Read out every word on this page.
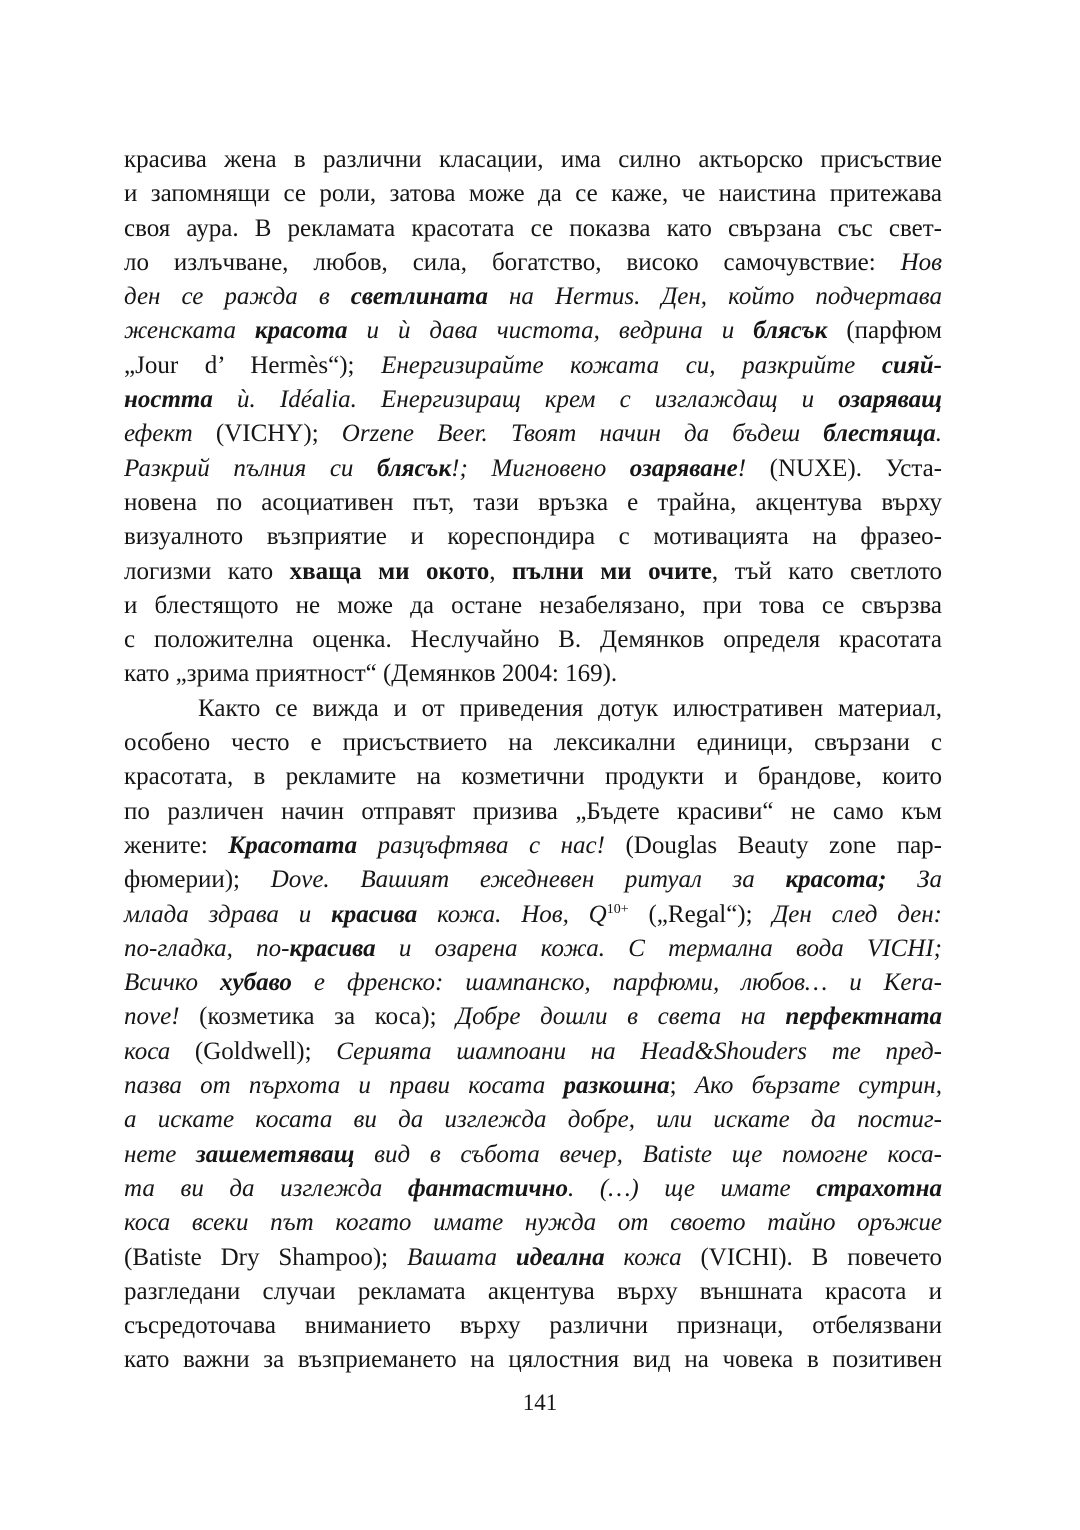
красива жена в различни класации, има силно актьорско присъствие
и запомнящи се роли, затова може да се каже, че наистина притежава
своя аура. В рекламата красотата се показва като свързана със свет-
ло излъчване, любов, сила, богатство, високо самочувствие: Нов
ден се ражда в светлината на Hermus. Ден, който подчертава
женската красота и ѝ дава чистота, ведрина и блясък (парфюм
„Jour d’ Hermès“); Енергизирайте кожата си, разкрийте сияй-
ността ѝ. Idéalia. Енергизиращ крем с изглаждащ и озаряващ
ефект (VICHY); Orzene Beer. Твоят начин да бъдеш блестяща.
Разкрий пълния си блясък!; Мигновено озаряване! (NUXE). Уста-
новена по асоциативен път, тази връзка е трайна, акцентува върху
визуалното възприятие и кореспондира с мотивацията на фразео-
логизми като хваща ми окото, пълни ми очите, тъй като светлото
и блестящото не може да остане незабелязано, при това се свързва
с положителна оценка. Неслучайно В. Демянков определя красотата
като „зрима приятност“ (Демянков 2004: 169).
Както се вижда и от приведения дотук илюстративен материал,
особено често е присъствието на лексикални единици, свързани с
красотата, в рекламите на козметични продукти и брандове, които
по различен начин отправят призива „Бъдете красиви“ не само към
жените: Красотата разцъфтява с нас! (Douglas Beauty zone пар-
фюмерии); Dove. Вашият ежедневен ритуал за красота; За
млада здрава и красива кожа. Нов, $Q^{10+}$ („Regal“); Ден след ден:
по-гладка, по-красива и озарена кожа. С термална вода VICHI;
Всичко хубаво е френско: шампанско, парфюми, любов… и Kera-
nove! (козметика за коса); Добре дошли в света на перфектната
коса (Goldwell); Серията шампоани на Head&Shouders те пред-
пазва от пърхота и прави косата разкошна; Ако бързате сутрин,
а искате косата ви да изглежда добре, или искате да постиг-
нете зашеметяващ вид в събота вечер, Batiste ще помогне коса-
та ви да изглежда фантастично. (…) ще имате страхотна
коса всеки път когато имате нужда от своето тайно оръжие
(Batiste Dry Shampoo); Вашата идеална кожа (VICHI). В повечето
разгледани случаи рекламата акцентува върху външната красота и
съсредоточава вниманието върху различни признаци, отбелязвани
като важни за възприемането на цялостния вид на човека в позитивен
141
